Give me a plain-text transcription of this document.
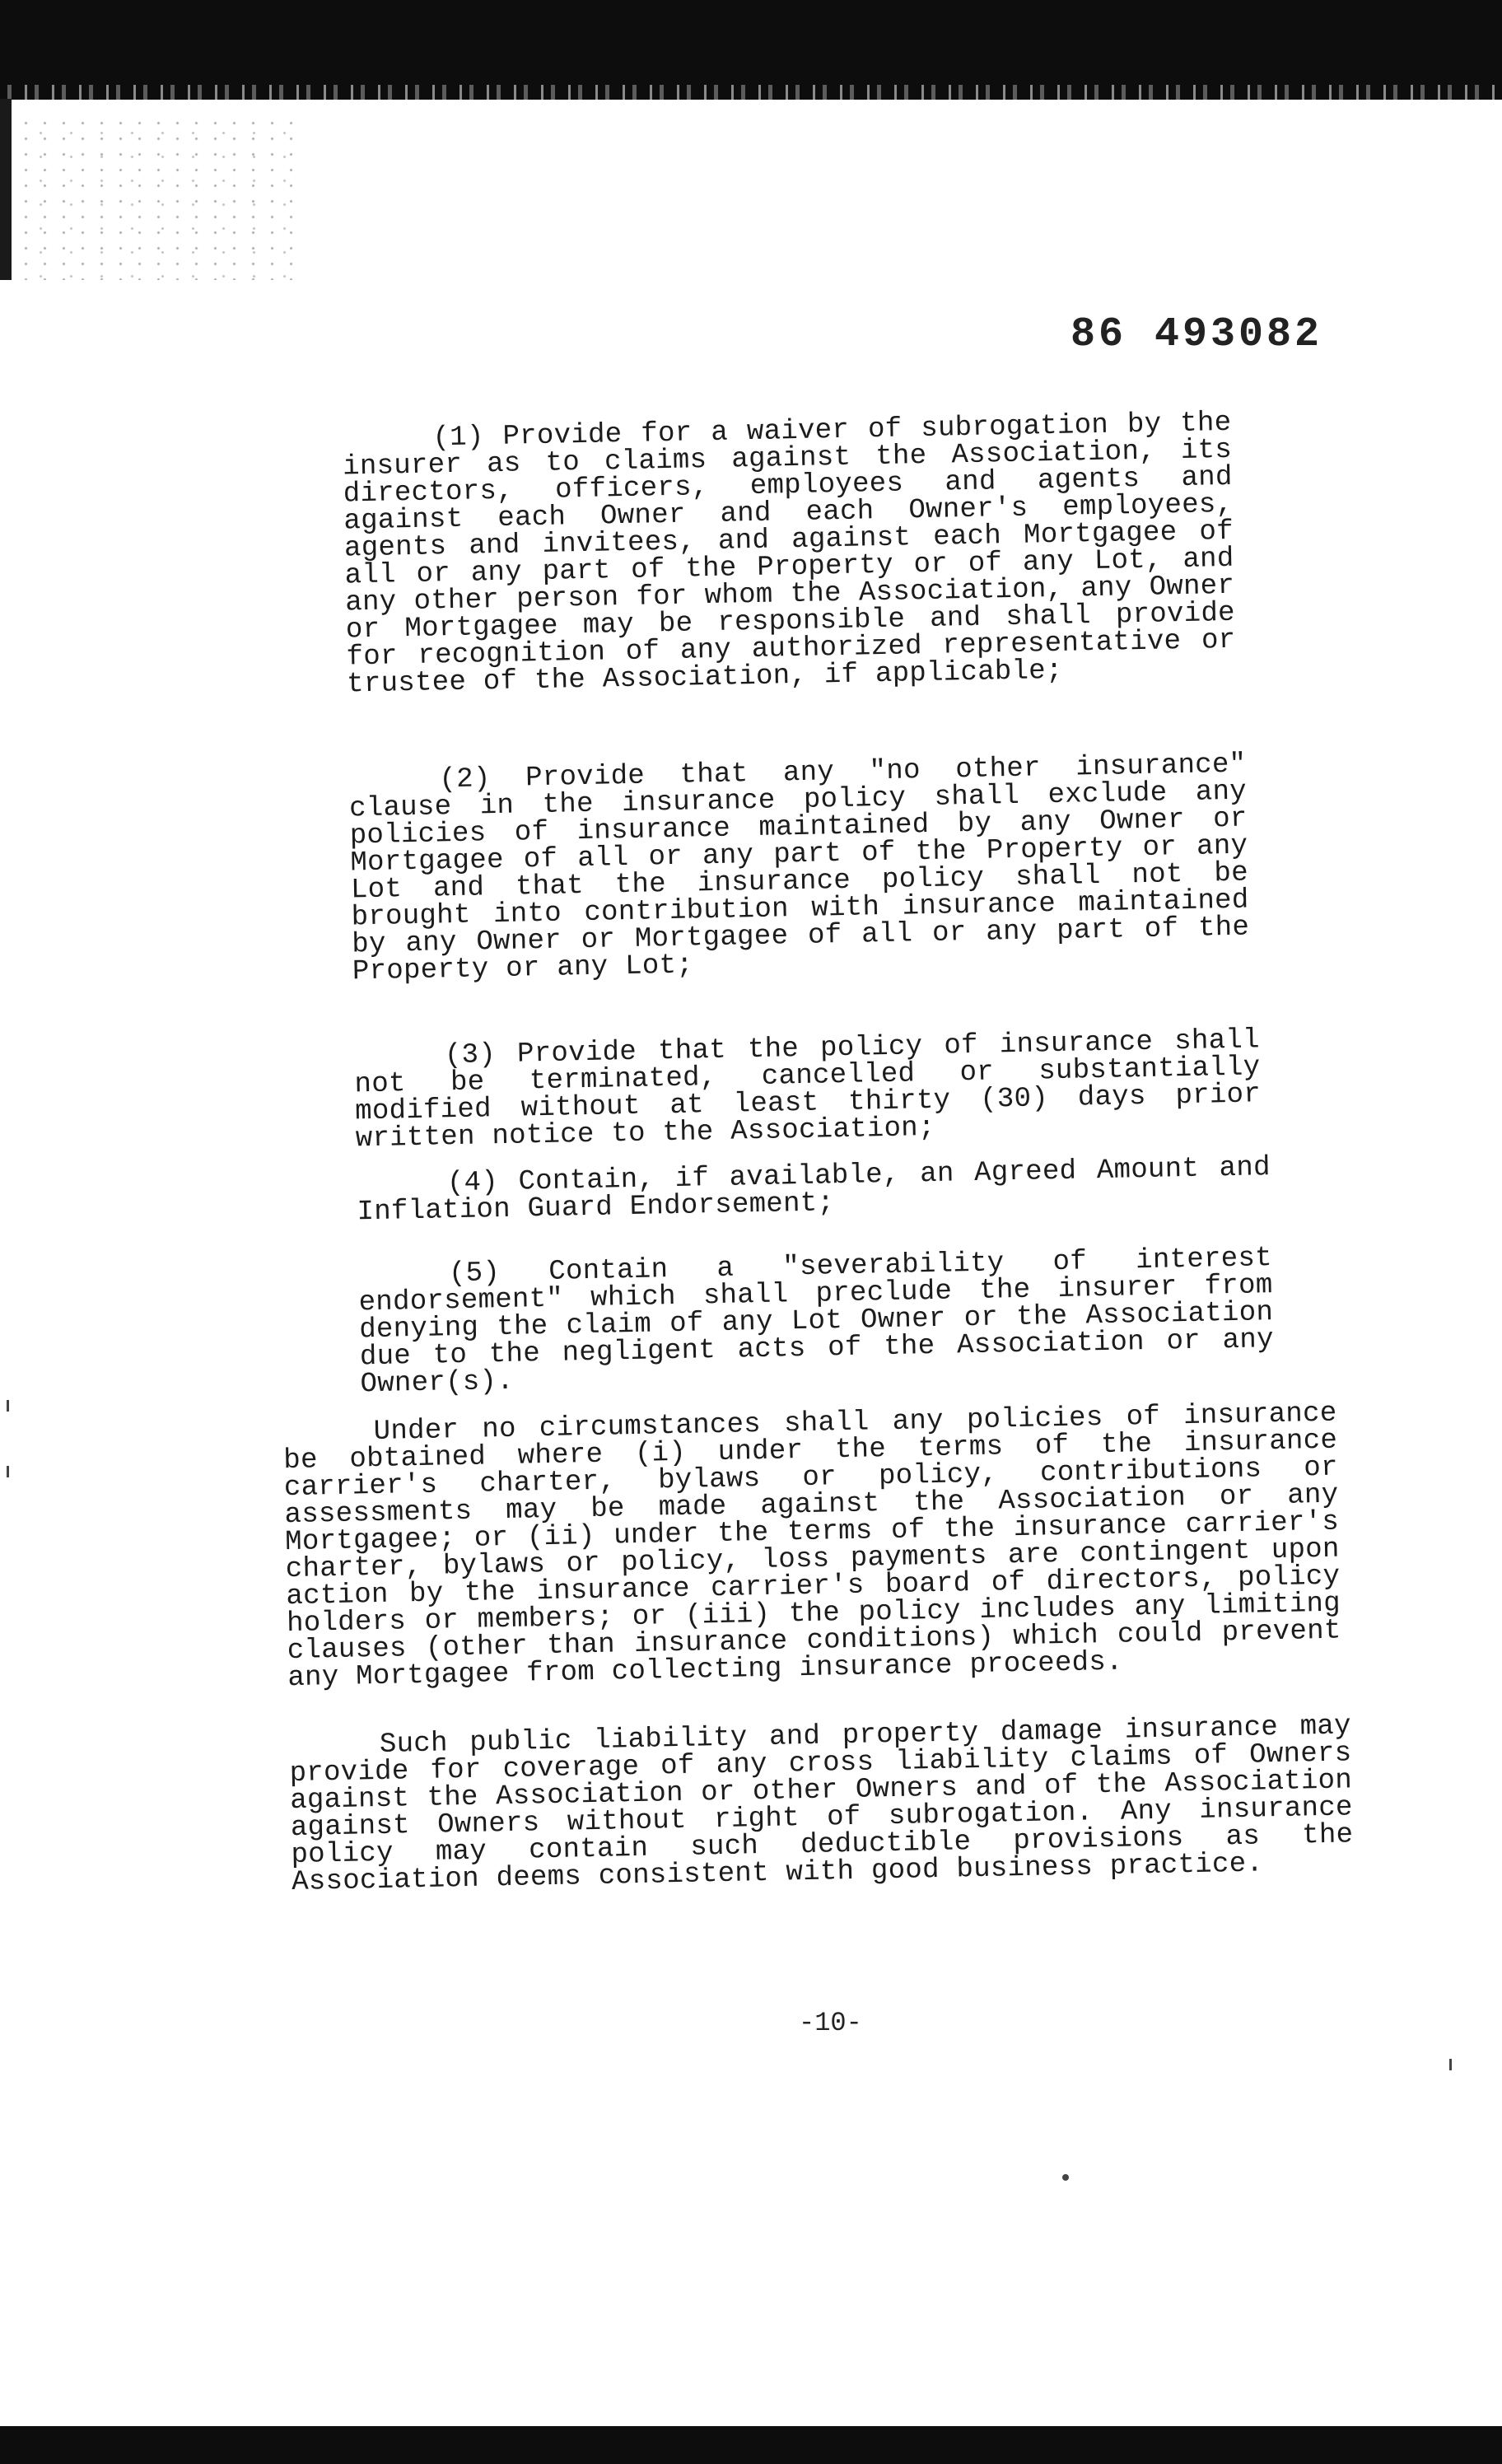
86 493082
(1) Provide for a waiver of subrogation by the insurer as to claims against the Association, its directors, officers, employees and agents and against each Owner and each Owner's employees, agents and invitees, and against each Mortgagee of all or any part of the Property or of any Lot, and any other person for whom the Association, any Owner or Mortgagee may be responsible and shall provide for recognition of any authorized representative or trustee of the Association, if applicable;
(2) Provide that any "no other insurance" clause in the insurance policy shall exclude any policies of insurance maintained by any Owner or Mortgagee of all or any part of the Property or any Lot and that the insurance policy shall not be brought into contribution with insurance maintained by any Owner or Mortgagee of all or any part of the Property or any Lot;
(3) Provide that the policy of insurance shall not be terminated, cancelled or substantially modified without at least thirty (30) days prior written notice to the Association;
(4) Contain, if available, an Agreed Amount and Inflation Guard Endorsement;
(5) Contain a "severability of interest endorsement" which shall preclude the insurer from denying the claim of any Lot Owner or the Association due to the negligent acts of the Association or any Owner(s).
Under no circumstances shall any policies of insurance be obtained where (i) under the terms of the insurance carrier's charter, bylaws or policy, contributions or assessments may be made against the Association or any Mortgagee; or (ii) under the terms of the insurance carrier's charter, bylaws or policy, loss payments are contingent upon action by the insurance carrier's board of directors, policy holders or members; or (iii) the policy includes any limiting clauses (other than insurance conditions) which could prevent any Mortgagee from collecting insurance proceeds.
Such public liability and property damage insurance may provide for coverage of any cross liability claims of Owners against the Association or other Owners and of the Association against Owners without right of subrogation. Any insurance policy may contain such deductible provisions as the Association deems consistent with good business practice.
-10-
